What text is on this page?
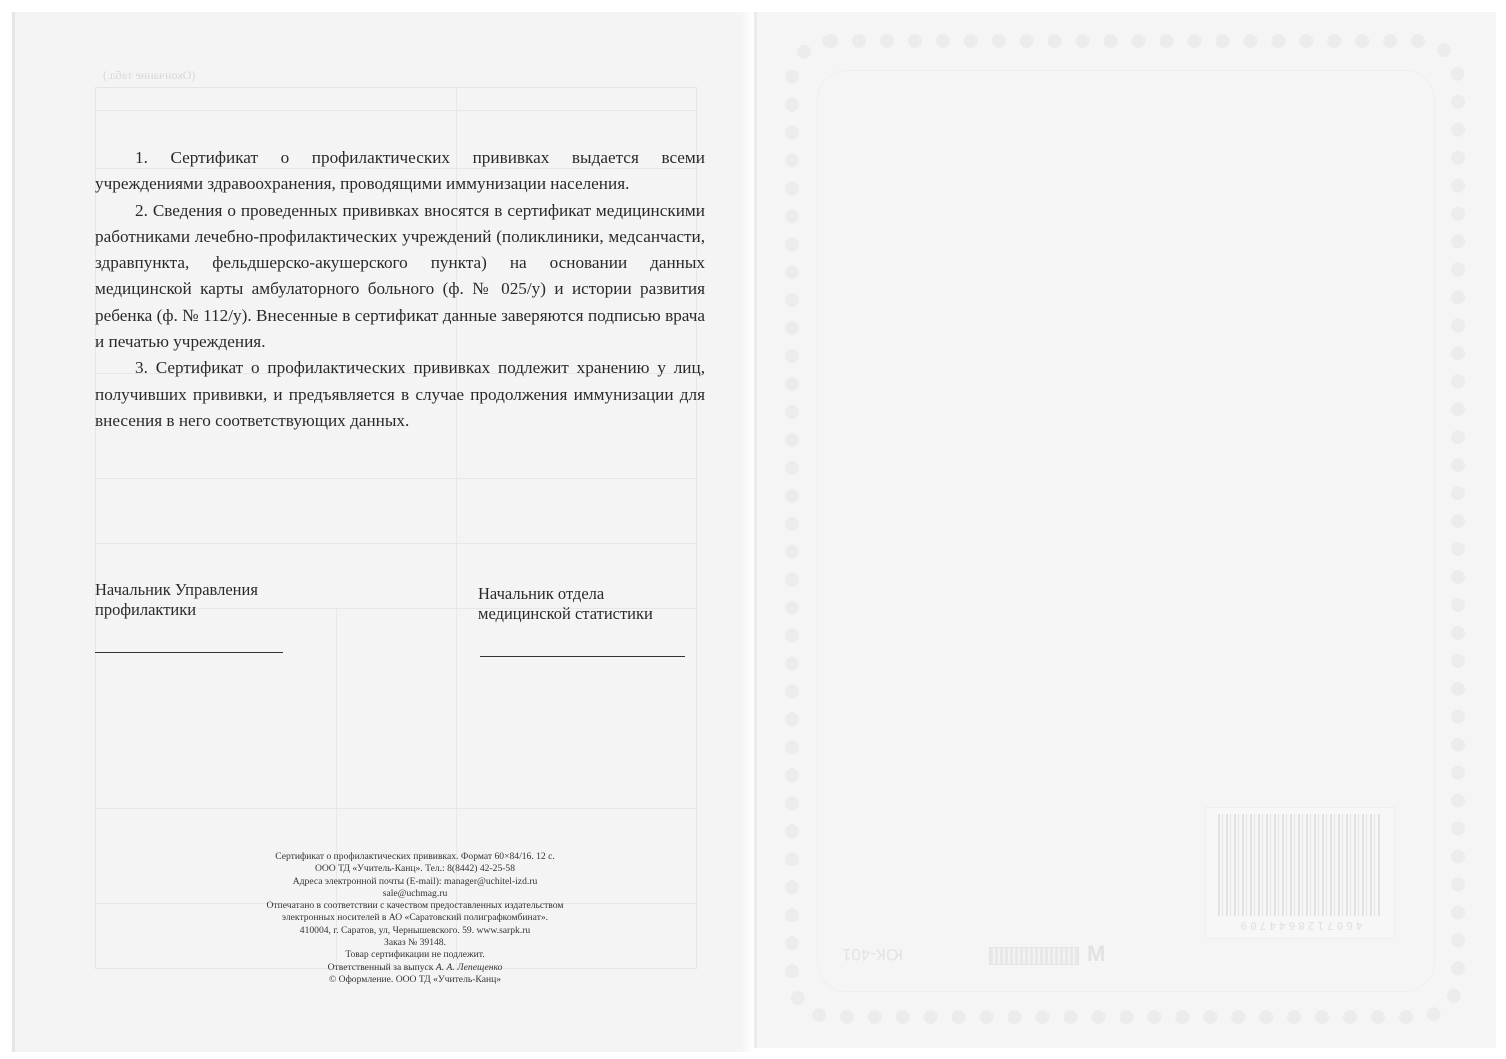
(Окончание табл.)

1. Сертификат о профилактических прививках выдается всеми учреждениями здравоохранения, проводящими иммунизации населения.

2. Сведения о проведенных прививках вносятся в сертификат медицинскими работниками лечебно-профилактических учреждений (поликлиники, медсанчасти, здравпункта, фельдшерско-акушерского пункта) на основании данных медицинской карты амбулаторного больного (ф. № 025/у) и истории развития ребенка (ф. № 112/у). Внесенные в сертификат данные заверяются подписью врача и печатью учреждения.

3. Сертификат о профилактических прививках подлежит хранению у лиц, получивших прививки, и предъявляется в случае продолжения иммунизации для внесения в него соответствующих данных.

Начальник Управления
профилактики
Начальник отдела
медицинской статистики
Сертификат о профилактических прививках. Формат 60×84/16. 12 с.
ООО ТД «Учитель-Канц». Тел.: 8(8442) 42-25-58
Адреса электронной почты (E-mail): manager@uchitel-izd.ru
sale@uchmag.ru
Отпечатано в соответствии с качеством предоставленных издательством
электронных носителей в АО «Саратовский полиграфкомбинат».
410004, г. Саратов, ул, Чернышевского. 59. www.sarpk.ru
Заказ № 39148.
Товар сертификации не подлежит.
Ответственный за выпуск А. А. Лепещенко
© Оформление. ООО ТД «Учитель-Канц»
ЮК-401	M
4607128644709
